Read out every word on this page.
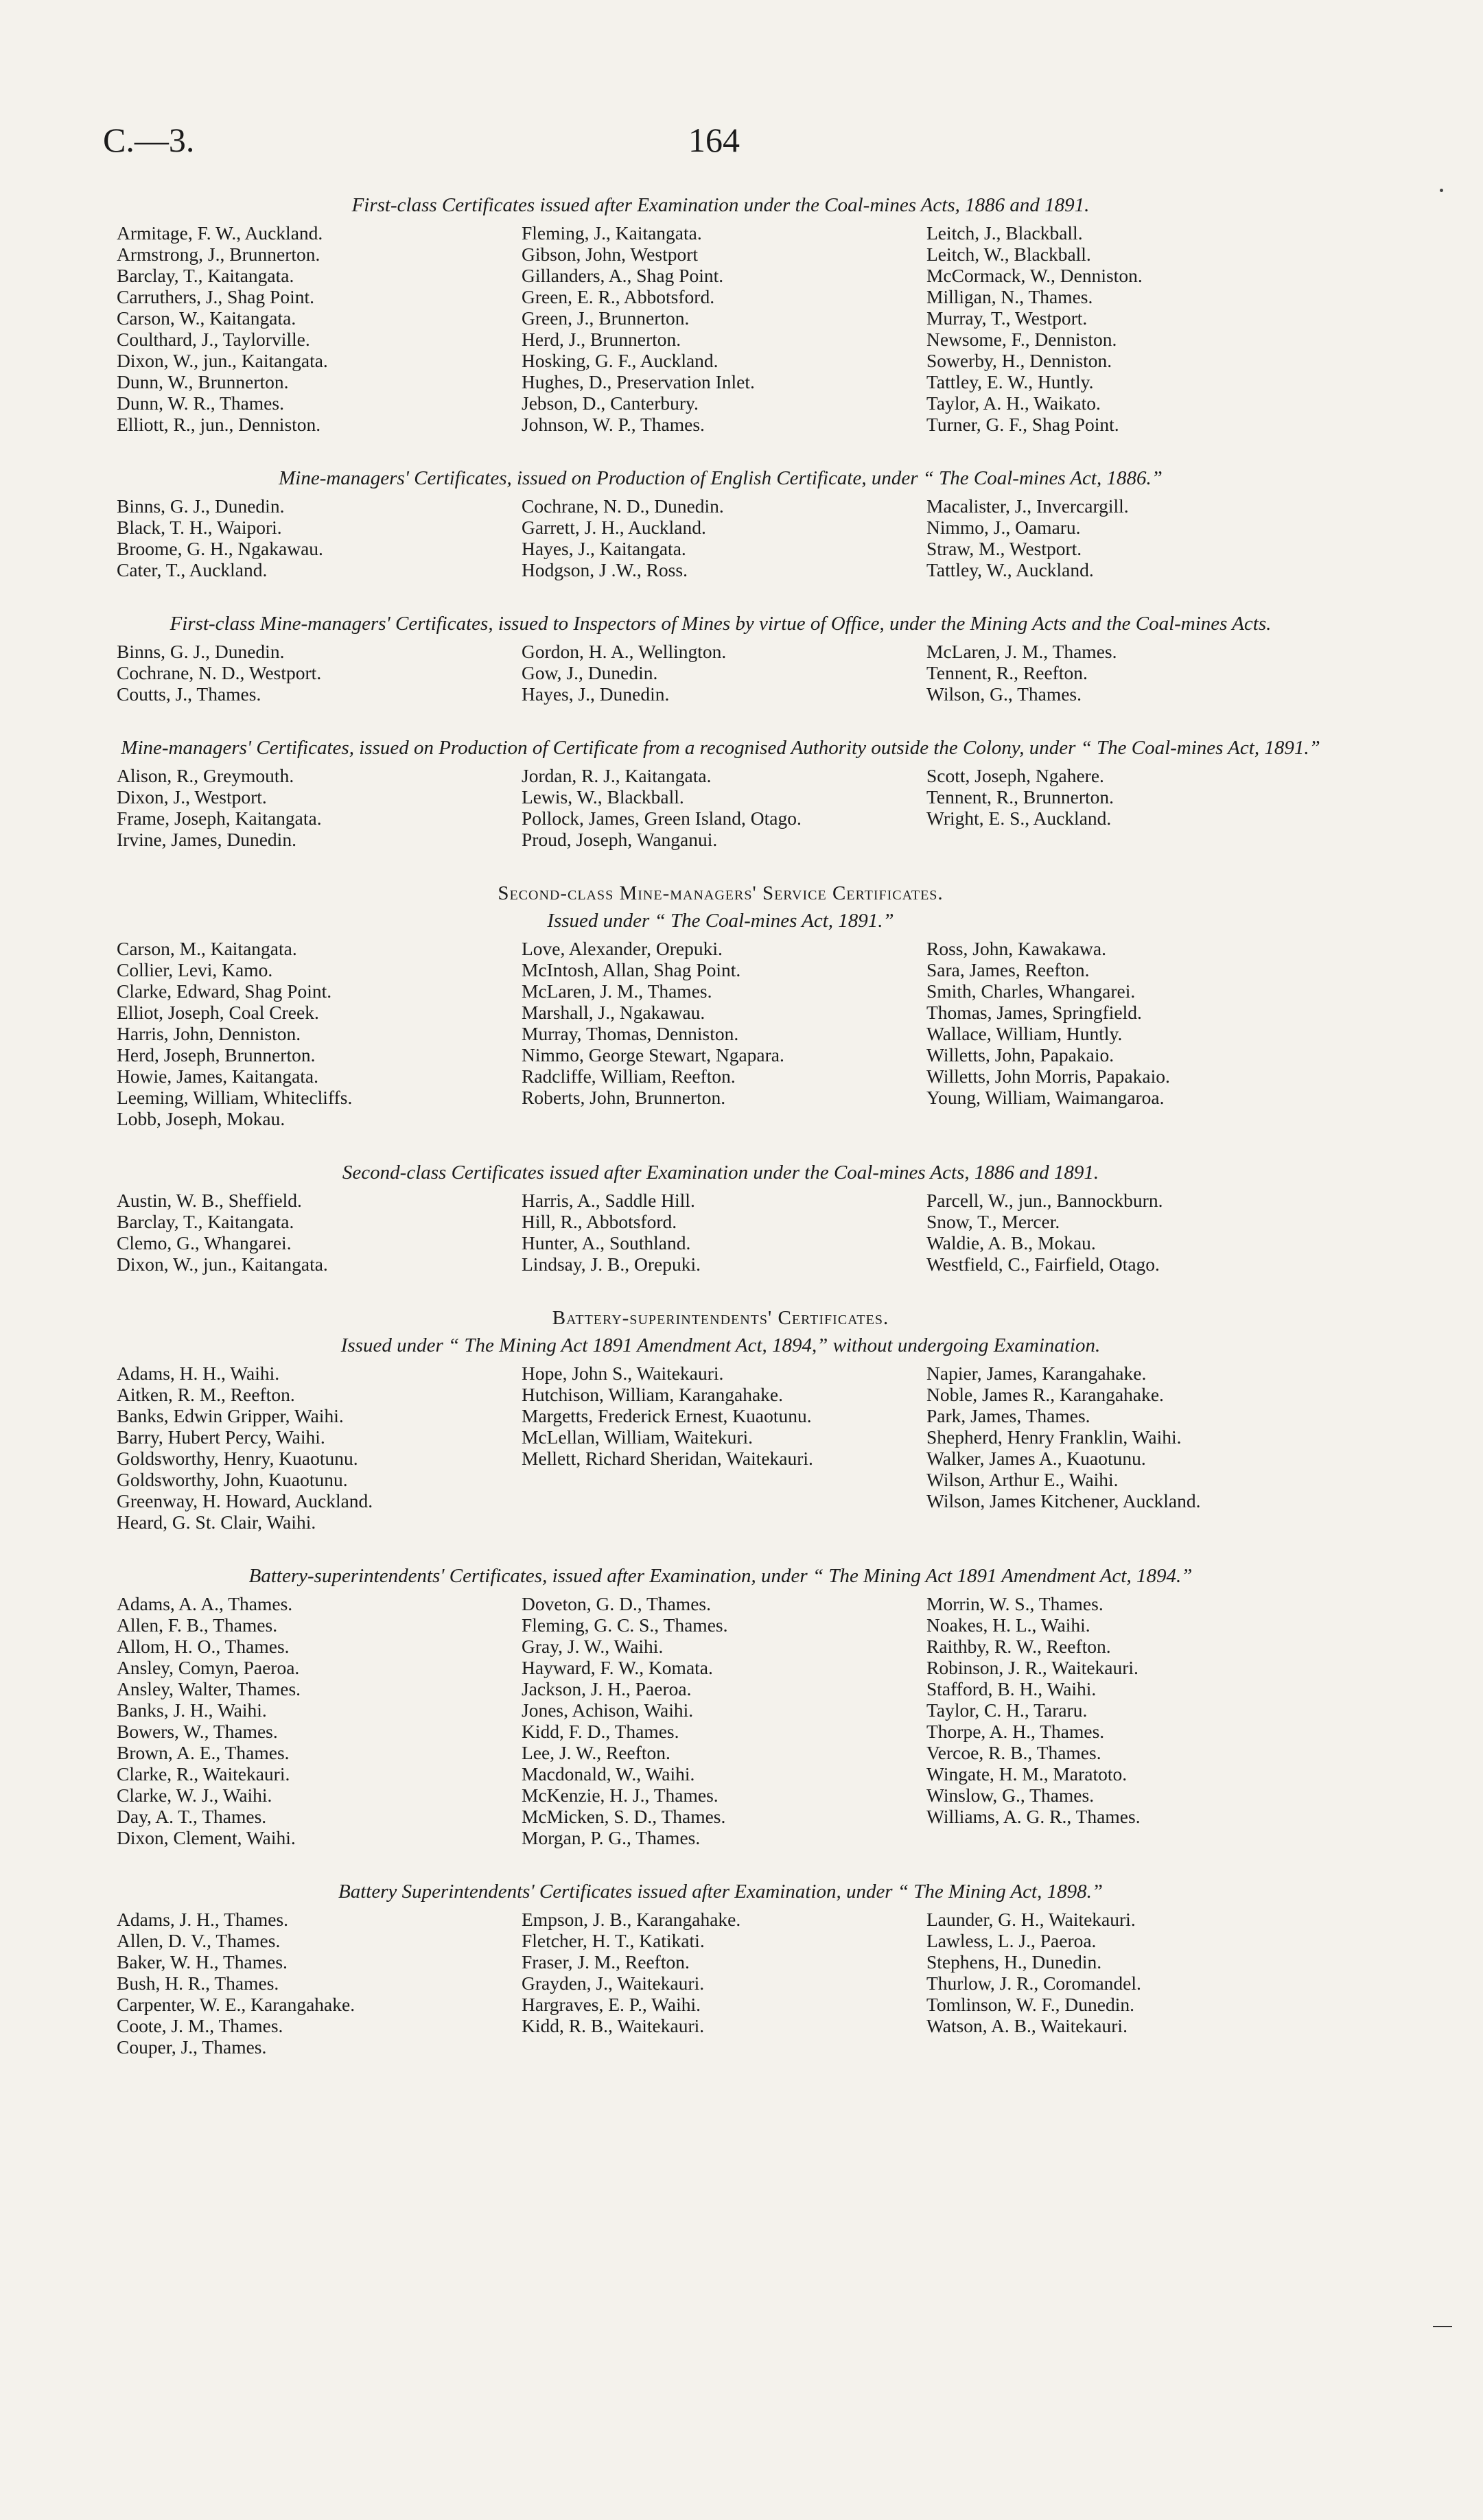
C.—3.	164
First-class Certificates issued after Examination under the Coal-mines Acts, 1886 and 1891.
Armitage, F. W., Auckland.
Armstrong, J., Brunnerton.
Barclay, T., Kaitangata.
Carruthers, J., Shag Point.
Carson, W., Kaitangata.
Coulthard, J., Taylorville.
Dixon, W., jun., Kaitangata.
Dunn, W., Brunnerton.
Dunn, W. R., Thames.
Elliott, R., jun., Denniston.
Fleming, J., Kaitangata.
Gibson, John, Westport
Gillanders, A., Shag Point.
Green, E. R., Abbotsford.
Green, J., Brunnerton.
Herd, J., Brunnerton.
Hosking, G. F., Auckland.
Hughes, D., Preservation Inlet.
Jebson, D., Canterbury.
Johnson, W. P., Thames.
Leitch, J., Blackball.
Leitch, W., Blackball.
McCormack, W., Denniston.
Milligan, N., Thames.
Murray, T., Westport.
Newsome, F., Denniston.
Sowerby, H., Denniston.
Tattley, E. W., Huntly.
Taylor, A. H., Waikato.
Turner, G. F., Shag Point.
Mine-managers' Certificates, issued on Production of English Certificate, under “ The Coal-mines Act, 1886.”
Binns, G. J., Dunedin.
Black, T. H., Waipori.
Broome, G. H., Ngakawau.
Cater, T., Auckland.
Cochrane, N. D., Dunedin.
Garrett, J. H., Auckland.
Hayes, J., Kaitangata.
Hodgson, J .W., Ross.
Macalister, J., Invercargill.
Nimmo, J., Oamaru.
Straw, M., Westport.
Tattley, W., Auckland.
First-class Mine-managers' Certificates, issued to Inspectors of Mines by virtue of Office, under the Mining Acts and the Coal-mines Acts.
Binns, G. J., Dunedin.
Cochrane, N. D., Westport.
Coutts, J., Thames.
Gordon, H. A., Wellington.
Gow, J., Dunedin.
Hayes, J., Dunedin.
McLaren, J. M., Thames.
Tennent, R., Reefton.
Wilson, G., Thames.
Mine-managers' Certificates, issued on Production of Certificate from a recognised Authority outside the Colony, under “ The Coal-mines Act, 1891.”
Alison, R., Greymouth.
Dixon, J., Westport.
Frame, Joseph, Kaitangata.
Irvine, James, Dunedin.
Jordan, R. J., Kaitangata.
Lewis, W., Blackball.
Pollock, James, Green Island, Otago.
Proud, Joseph, Wanganui.
Scott, Joseph, Ngahere.
Tennent, R., Brunnerton.
Wright, E. S., Auckland.
Second-class Mine-managers' Service Certificates.
Issued under “ The Coal-mines Act, 1891.”
Carson, M., Kaitangata.
Collier, Levi, Kamo.
Clarke, Edward, Shag Point.
Elliot, Joseph, Coal Creek.
Harris, John, Denniston.
Herd, Joseph, Brunnerton.
Howie, James, Kaitangata.
Leeming, William, Whitecliffs.
Lobb, Joseph, Mokau.
Love, Alexander, Orepuki.
McIntosh, Allan, Shag Point.
McLaren, J. M., Thames.
Marshall, J., Ngakawau.
Murray, Thomas, Denniston.
Nimmo, George Stewart, Ngapara.
Radcliffe, William, Reefton.
Roberts, John, Brunnerton.
Ross, John, Kawakawa.
Sara, James, Reefton.
Smith, Charles, Whangarei.
Thomas, James, Springfield.
Wallace, William, Huntly.
Willetts, John, Papakaio.
Willetts, John Morris, Papakaio.
Young, William, Waimangaroa.
Second-class Certificates issued after Examination under the Coal-mines Acts, 1886 and 1891.
Austin, W. B., Sheffield.
Barclay, T., Kaitangata.
Clemo, G., Whangarei.
Dixon, W., jun., Kaitangata.
Harris, A., Saddle Hill.
Hill, R., Abbotsford.
Hunter, A., Southland.
Lindsay, J. B., Orepuki.
Parcell, W., jun., Bannockburn.
Snow, T., Mercer.
Waldie, A. B., Mokau.
Westfield, C., Fairfield, Otago.
Battery-superintendents' Certificates.
Issued under “ The Mining Act 1891 Amendment Act, 1894,” without undergoing Examination.
Adams, H. H., Waihi.
Aitken, R. M., Reefton.
Banks, Edwin Gripper, Waihi.
Barry, Hubert Percy, Waihi.
Goldsworthy, Henry, Kuaotunu.
Goldsworthy, John, Kuaotunu.
Greenway, H. Howard, Auckland.
Heard, G. St. Clair, Waihi.
Hope, John S., Waitekauri.
Hutchison, William, Karangahake.
Margetts, Frederick Ernest, Kuaotunu.
McLellan, William, Waitekuri.
Mellett, Richard Sheridan, Waitekauri.
Napier, James, Karangahake.
Noble, James R., Karangahake.
Park, James, Thames.
Shepherd, Henry Franklin, Waihi.
Walker, James A., Kuaotunu.
Wilson, Arthur E., Waihi.
Wilson, James Kitchener, Auckland.
Battery-superintendents' Certificates, issued after Examination, under “ The Mining Act 1891 Amendment Act, 1894.”
Adams, A. A., Thames.
Allen, F. B., Thames.
Allom, H. O., Thames.
Ansley, Comyn, Paeroa.
Ansley, Walter, Thames.
Banks, J. H., Waihi.
Bowers, W., Thames.
Brown, A. E., Thames.
Clarke, R., Waitekauri.
Clarke, W. J., Waihi.
Day, A. T., Thames.
Dixon, Clement, Waihi.
Doveton, G. D., Thames.
Fleming, G. C. S., Thames.
Gray, J. W., Waihi.
Hayward, F. W., Komata.
Jackson, J. H., Paeroa.
Jones, Achison, Waihi.
Kidd, F. D., Thames.
Lee, J. W., Reefton.
Macdonald, W., Waihi.
McKenzie, H. J., Thames.
McMicken, S. D., Thames.
Morgan, P. G., Thames.
Morrin, W. S., Thames.
Noakes, H. L., Waihi.
Raithby, R. W., Reefton.
Robinson, J. R., Waitekauri.
Stafford, B. H., Waihi.
Taylor, C. H., Tararu.
Thorpe, A. H., Thames.
Vercoe, R. B., Thames.
Wingate, H. M., Maratoto.
Winslow, G., Thames.
Williams, A. G. R., Thames.
Battery Superintendents' Certificates issued after Examination, under “ The Mining Act, 1898.”
Adams, J. H., Thames.
Allen, D. V., Thames.
Baker, W. H., Thames.
Bush, H. R., Thames.
Carpenter, W. E., Karangahake.
Coote, J. M., Thames.
Couper, J., Thames.
Empson, J. B., Karangahake.
Fletcher, H. T., Katikati.
Fraser, J. M., Reefton.
Grayden, J., Waitekauri.
Hargraves, E. P., Waihi.
Kidd, R. B., Waitekauri.
Launder, G. H., Waitekauri.
Lawless, L. J., Paeroa.
Stephens, H., Dunedin.
Thurlow, J. R., Coromandel.
Tomlinson, W. F., Dunedin.
Watson, A. B., Waitekauri.
